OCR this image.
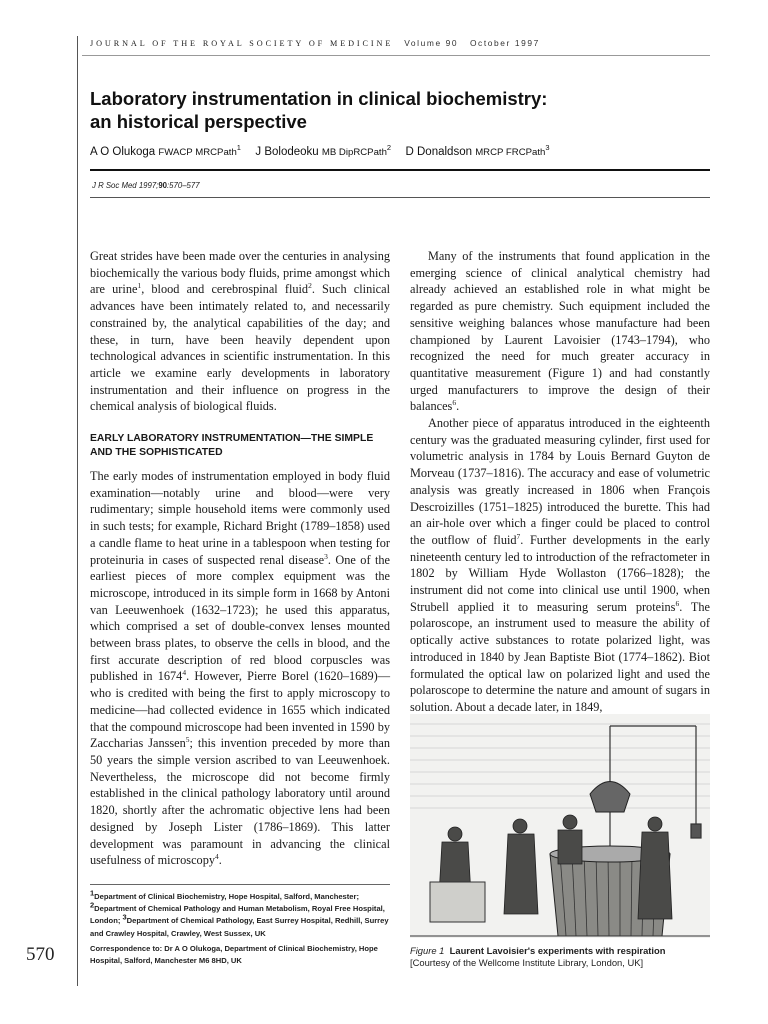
JOURNAL OF THE ROYAL SOCIETY OF MEDICINE Volume 90   October 1997
Laboratory instrumentation in clinical biochemistry:
an historical perspective
A O Olukoga FWACP MRCPath$^1$ J Bolodeoku MB DipRCPath$^2$ D Donaldson MRCP FRCPath$^3$
J R Soc Med 1997;90:570–577

Great strides have been made over the centuries in analysing biochemically the various body fluids, prime amongst which are urine$^1$, blood and cerebrospinal fluid$^2$. Such clinical advances have been intimately related to, and necessarily constrained by, the analytical capabilities of the day; and these, in turn, have been heavily dependent upon technological advances in scientific instrumentation. In this article we examine early developments in laboratory instrumentation and their influence on progress in the chemical analysis of biological fluids.

EARLY LABORATORY INSTRUMENTATION—THE SIMPLE AND THE SOPHISTICATED

The early modes of instrumentation employed in body fluid examination—notably urine and blood—were very rudimentary; simple household items were commonly used in such tests; for example, Richard Bright (1789–1858) used a candle flame to heat urine in a tablespoon when testing for proteinuria in cases of suspected renal disease$^3$. One of the earliest pieces of more complex equipment was the microscope, introduced in its simple form in 1668 by Antoni van Leeuwenhoek (1632–1723); he used this apparatus, which comprised a set of double-convex lenses mounted between brass plates, to observe the cells in blood, and the first accurate description of red blood corpuscles was published in 1674$^4$. However, Pierre Borel (1620–1689)—who is credited with being the first to apply microscopy to medicine—had collected evidence in 1655 which indicated that the compound microscope had been invented in 1590 by Zaccharias Janssen$^5$; this invention preceded by more than 50 years the simple version ascribed to van Leeuwenhoek. Nevertheless, the microscope did not become firmly established in the clinical pathology laboratory until around 1820, shortly after the achromatic objective lens had been designed by Joseph Lister (1786–1869). This latter development was paramount in advancing the clinical usefulness of microscopy$^4$.

$^1$Department of Clinical Biochemistry, Hope Hospital, Salford, Manchester; $^2$Department of Chemical Pathology and Human Metabolism, Royal Free Hospital, London; $^3$Department of Chemical Pathology, East Surrey Hospital, Redhill, Surrey and Crawley Hospital, Crawley, West Sussex, UK
Correspondence to: Dr A O Olukoga, Department of Clinical Biochemistry, Hope Hospital, Salford, Manchester M6 8HD, UK
570

Many of the instruments that found application in the emerging science of clinical analytical chemistry had already achieved an established role in what might be regarded as pure chemistry. Such equipment included the sensitive weighing balances whose manufacture had been championed by Laurent Lavoisier (1743–1794), who recognized the need for much greater accuracy in quantitative measurement (Figure 1) and had constantly urged manufacturers to improve the design of their balances$^6$.

Another piece of apparatus introduced in the eighteenth century was the graduated measuring cylinder, first used for volumetric analysis in 1784 by Louis Bernard Guyton de Morveau (1737–1816). The accuracy and ease of volumetric analysis was greatly increased in 1806 when François Descroizilles (1751–1825) introduced the burette. This had an air-hole over which a finger could be placed to control the outflow of fluid$^7$. Further developments in the early nineteenth century led to introduction of the refractometer in 1802 by William Hyde Wollaston (1766–1828); the instrument did not come into clinical use until 1900, when Strubell applied it to measuring serum proteins$^6$. The polaroscope, an instrument used to measure the ability of optically active substances to rotate polarized light, was introduced in 1840 by Jean Baptiste Biot (1774–1862). Biot formulated the optical law on polarized light and used the polaroscope to determine the nature and amount of sugars in solution. About a decade later, in 1849,

Figure 1 Laurent Lavoisier's experiments with respiration
[Courtesy of the Wellcome Institute Library, London, UK]
